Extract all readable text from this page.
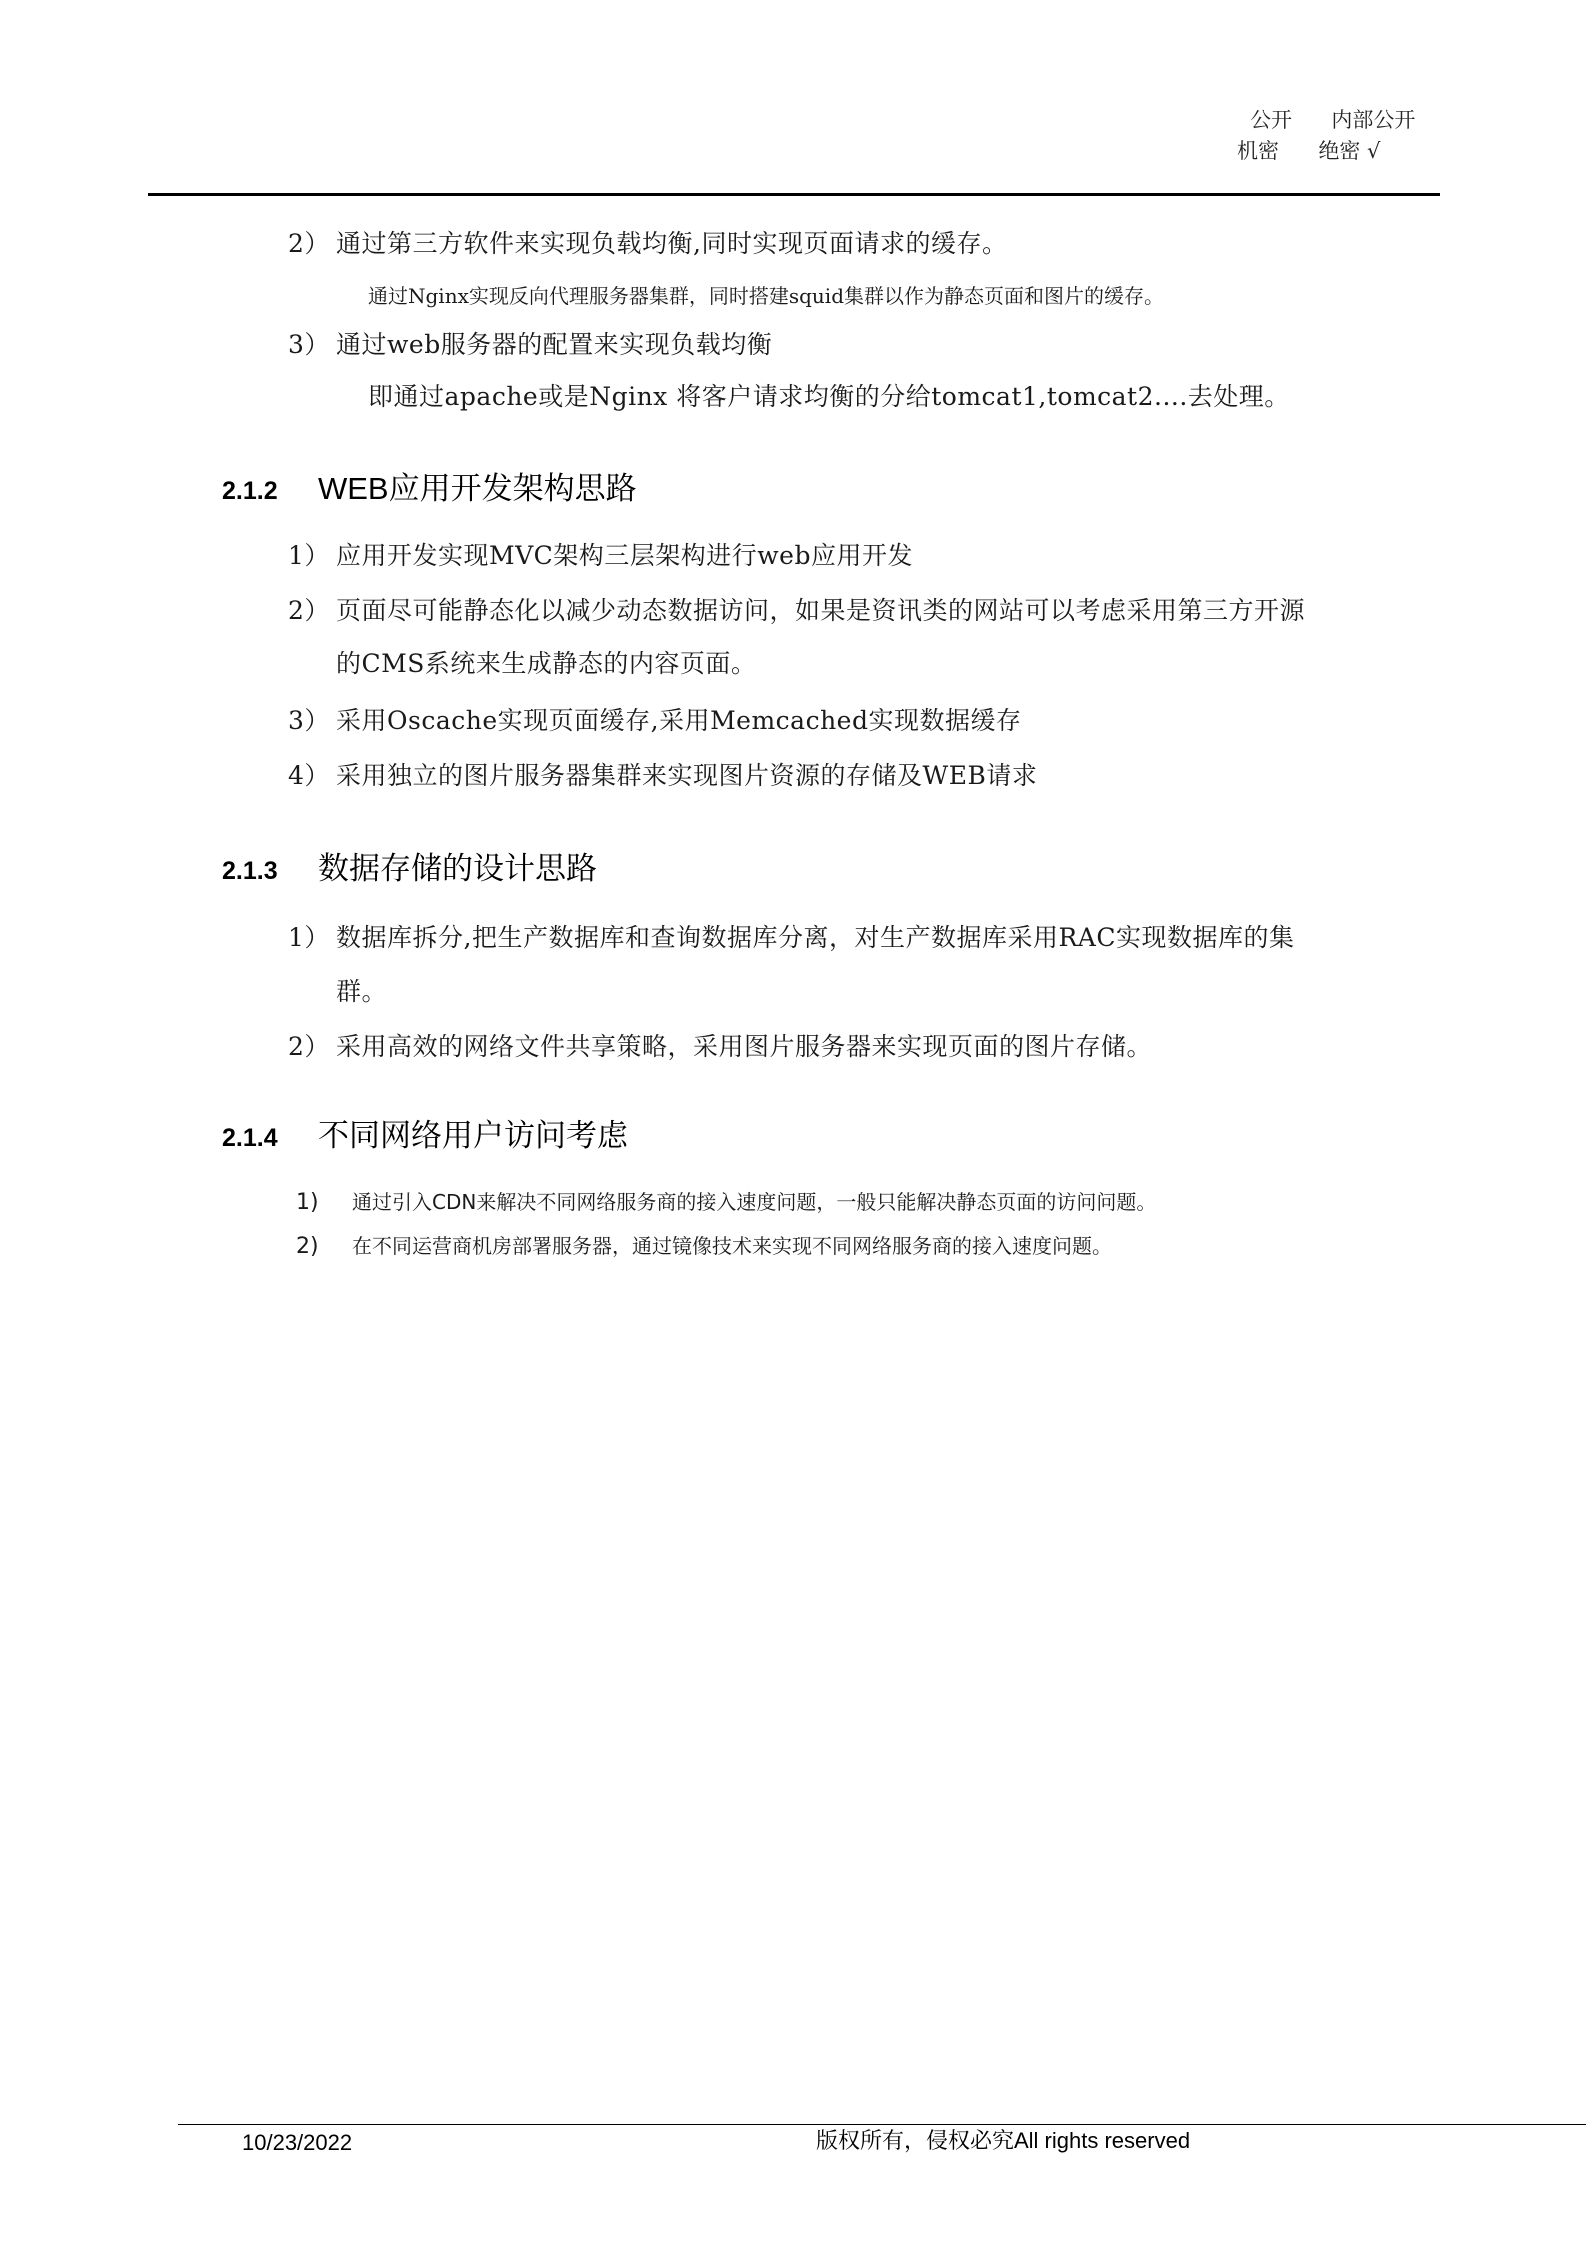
公开 内部公开
机密 绝密 √
2） 通过第三方软件来实现负载均衡,同时实现页面请求的缓存。
通过Nginx实现反向代理服务器集群，同时搭建squid集群以作为静态页面和图片的缓存。
3） 通过web服务器的配置来实现负载均衡
即通过apache或是Nginx 将客户请求均衡的分给tomcat1,tomcat2....去处理。
2.1.2 WEB应用开发架构思路
1） 应用开发实现MVC架构三层架构进行web应用开发
2） 页面尽可能静态化以减少动态数据访问，如果是资讯类的网站可以考虑采用第三方开源
的CMS系统来生成静态的内容页面。
3） 采用Oscache实现页面缓存,采用Memcached实现数据缓存
4） 采用独立的图片服务器集群来实现图片资源的存储及WEB请求
2.1.3 数据存储的设计思路
1） 数据库拆分,把生产数据库和查询数据库分离，对生产数据库采用RAC实现数据库的集
群。
2） 采用高效的网络文件共享策略，采用图片服务器来实现页面的图片存储。
2.1.4 不同网络用户访问考虑
1) 通过引入CDN来解决不同网络服务商的接入速度问题，一般只能解决静态页面的访问问题。
2) 在不同运营商机房部署服务器，通过镜像技术来实现不同网络服务商的接入速度问题。
10/23/2022	版权所有，侵权必究All rights reserved
